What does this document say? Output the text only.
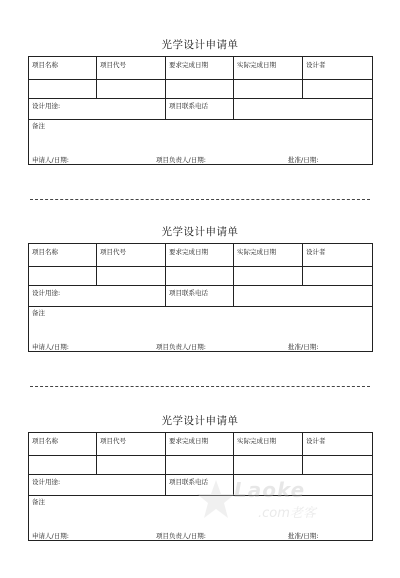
光学设计申请单
项目名称	项目代号	要求完成日期	实际完成日期	设计者

设计用途:		项目联系电话		
备注				
申请人/日期:	项目负责人/日期:	批准/日期:
光学设计申请单
项目名称	项目代号	要求完成日期	实际完成日期	设计者

设计用途:		项目联系电话		
备注				
申请人/日期:	项目负责人/日期:	批准/日期:
光学设计申请单
项目名称	项目代号	要求完成日期	实际完成日期	设计者

设计用途:		项目联系电话		
备注				
申请人/日期:	项目负责人/日期:	批准/日期:
Laoke
.com老客
